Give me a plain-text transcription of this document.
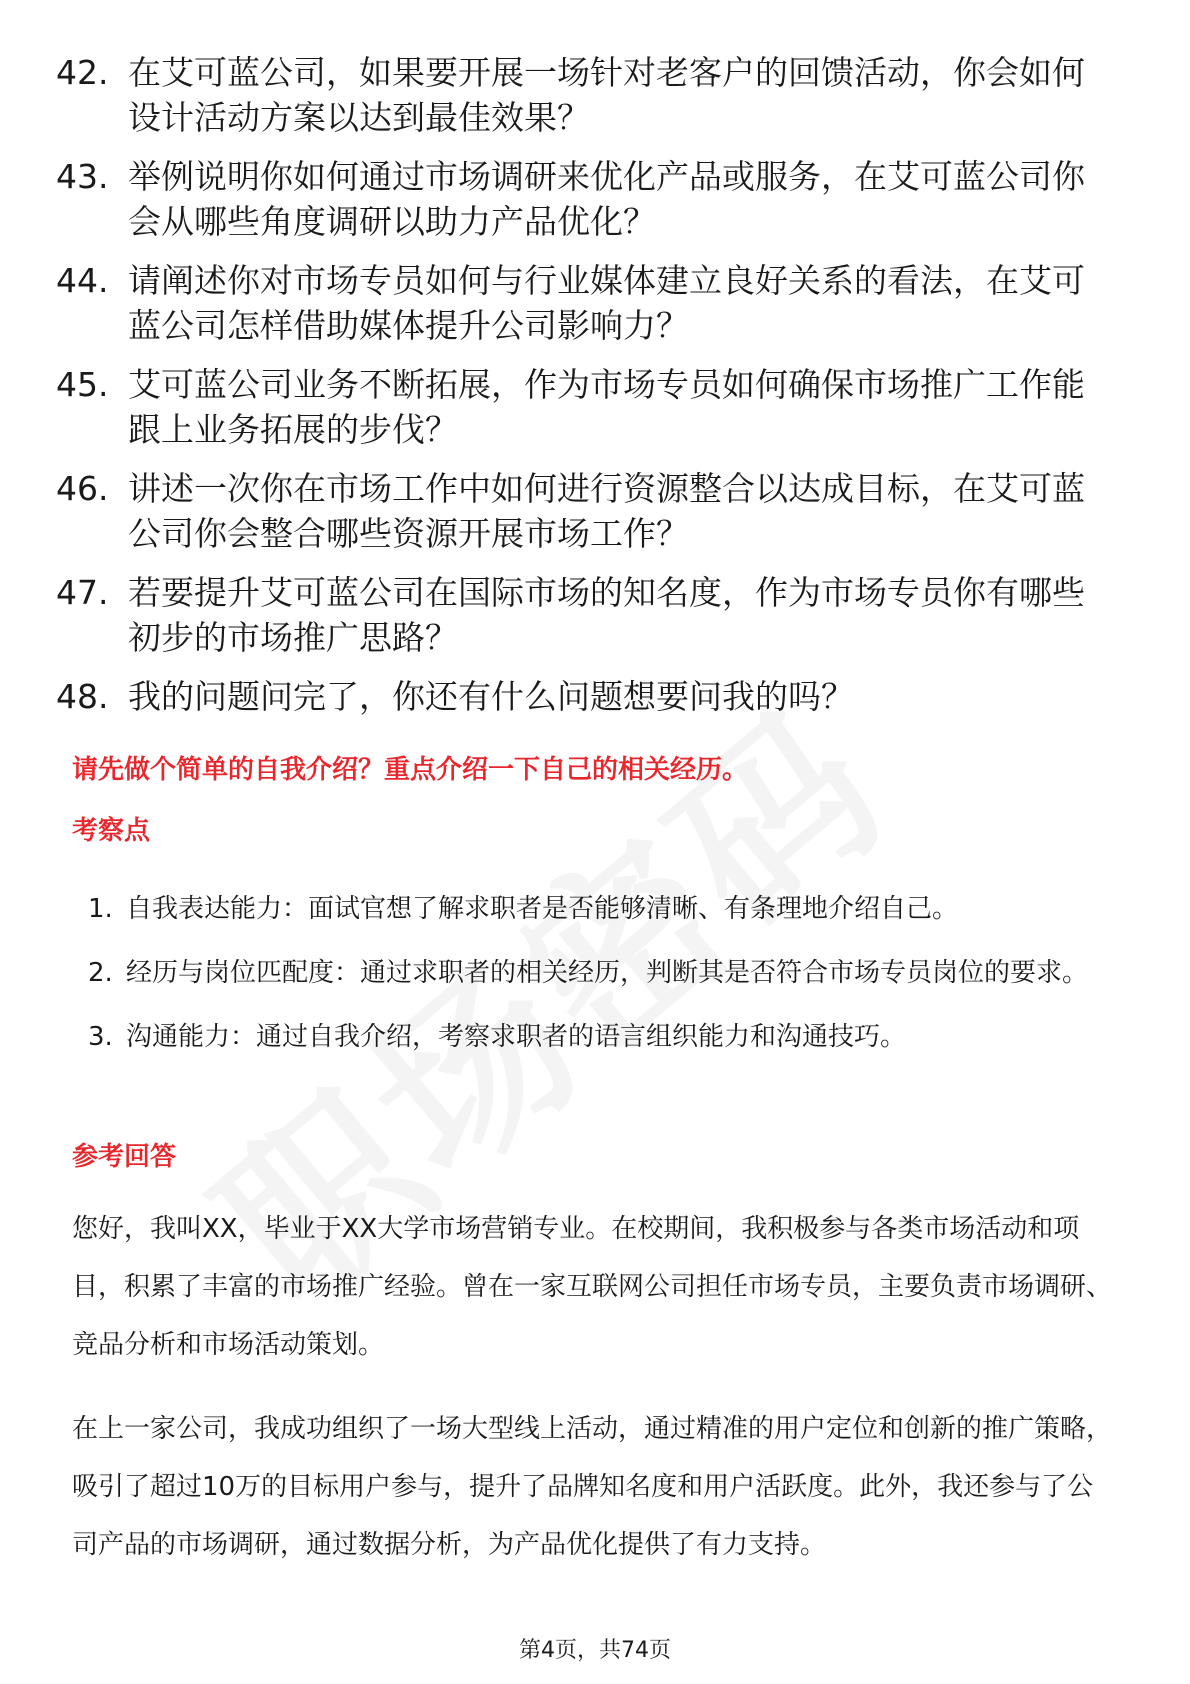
42. 在艾可蓝公司，如果要开展一场针对老客户的回馈活动，你会如何设计活动方案以达到最佳效果？
43. 举例说明你如何通过市场调研来优化产品或服务，在艾可蓝公司你会从哪些角度调研以助力产品优化？
44. 请阐述你对市场专员如何与行业媒体建立良好关系的看法，在艾可蓝公司怎样借助媒体提升公司影响力？
45. 艾可蓝公司业务不断拓展，作为市场专员如何确保市场推广工作能跟上业务拓展的步伐？
46. 讲述一次你在市场工作中如何进行资源整合以达成目标，在艾可蓝公司你会整合哪些资源开展市场工作？
47. 若要提升艾可蓝公司在国际市场的知名度，作为市场专员你有哪些初步的市场推广思路？
48. 我的问题问完了，你还有什么问题想要问我的吗？
请先做个简单的自我介绍？重点介绍一下自己的相关经历。
考察点
1. 自我表达能力：面试官想了解求职者是否能够清晰、有条理地介绍自己。
2. 经历与岗位匹配度：通过求职者的相关经历，判断其是否符合市场专员岗位的要求。
3. 沟通能力：通过自我介绍，考察求职者的语言组织能力和沟通技巧。
参考回答
您好，我叫XX，毕业于XX大学市场营销专业。在校期间，我积极参与各类市场活动和项目，积累了丰富的市场推广经验。曾在一家互联网公司担任市场专员，主要负责市场调研、竞品分析和市场活动策划。
在上一家公司，我成功组织了一场大型线上活动，通过精准的用户定位和创新的推广策略，吸引了超过10万的目标用户参与，提升了品牌知名度和用户活跃度。此外，我还参与了公司产品的市场调研，通过数据分析，为产品优化提供了有力支持。
第4页，共74页
